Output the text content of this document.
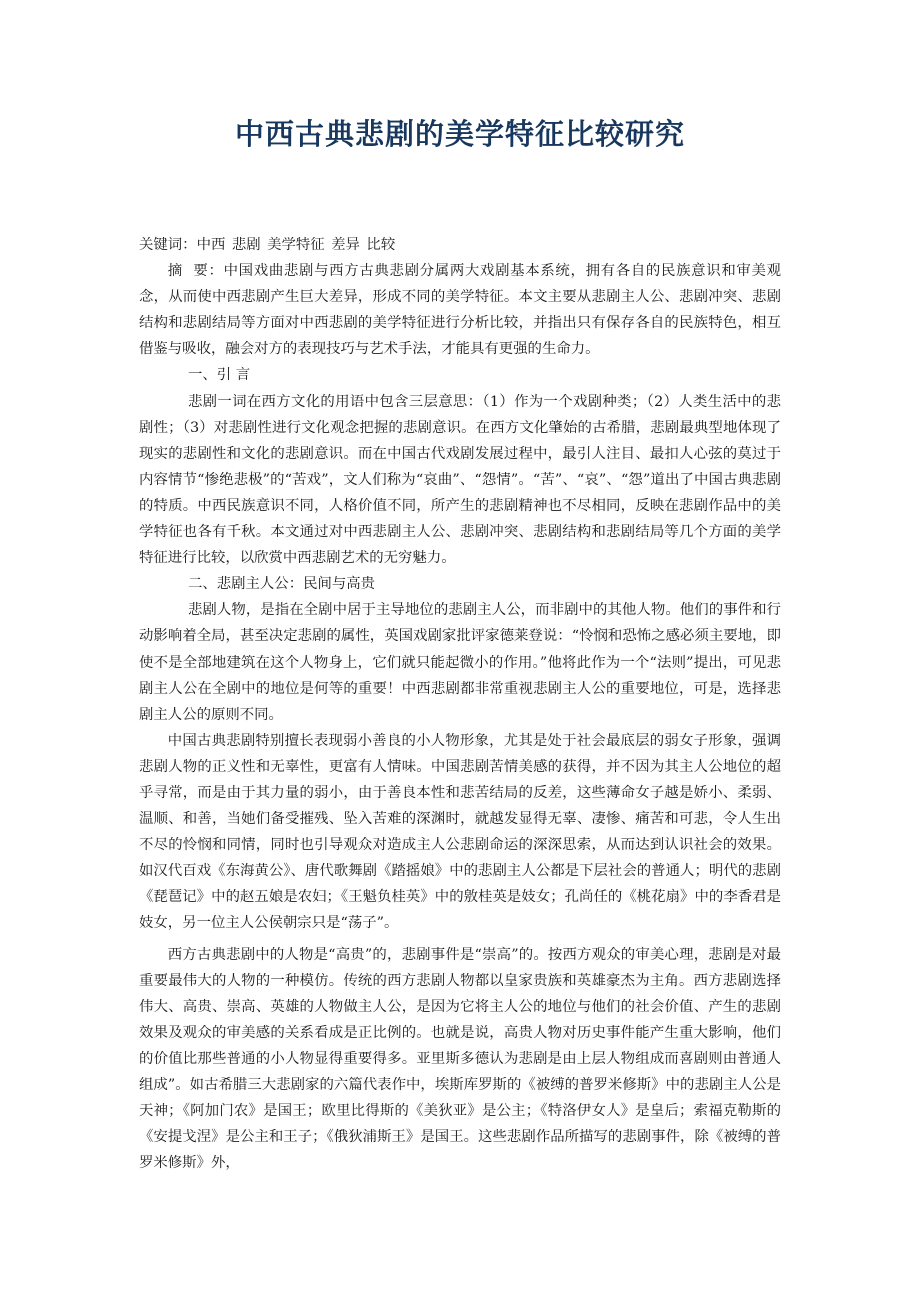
中西古典悲剧的美学特征比较研究

关键词：中西 悲剧 美学特征 差异 比较

摘  要：中国戏曲悲剧与西方古典悲剧分属两大戏剧基本系统，拥有各自的民族意识和审美观念，从而使中西悲剧产生巨大差异，形成不同的美学特征。本文主要从悲剧主人公、悲剧冲突、悲剧结构和悲剧结局等方面对中西悲剧的美学特征进行分析比较，并指出只有保存各自的民族特色，相互借鉴与吸收，融会对方的表现技巧与艺术手法，才能具有更强的生命力。

一、引 言

悲剧一词在西方文化的用语中包含三层意思：（1）作为一个戏剧种类；（2）人类生活中的悲剧性；（3）对悲剧性进行文化观念把握的悲剧意识。在西方文化肇始的古希腊，悲剧最典型地体现了现实的悲剧性和文化的悲剧意识。而在中国古代戏剧发展过程中，最引人注目、最扣人心弦的莫过于内容情节“惨绝悲极”的“苦戏”，文人们称为“哀曲”、“怨情”。“苦”、“哀”、“怨”道出了中国古典悲剧的特质。中西民族意识不同，人格价值不同，所产生的悲剧精神也不尽相同，反映在悲剧作品中的美学特征也各有千秋。本文通过对中西悲剧主人公、悲剧冲突、悲剧结构和悲剧结局等几个方面的美学特征进行比较，以欣赏中西悲剧艺术的无穷魅力。

二、悲剧主人公：民间与高贵

悲剧人物，是指在全剧中居于主导地位的悲剧主人公，而非剧中的其他人物。他们的事件和行动影响着全局，甚至决定悲剧的属性，英国戏剧家批评家德莱登说：“怜悯和恐怖之感必须主要地，即使不是全部地建筑在这个人物身上，它们就只能起微小的作用。”他将此作为一个“法则”提出，可见悲剧主人公在全剧中的地位是何等的重要！中西悲剧都非常重视悲剧主人公的重要地位，可是，选择悲剧主人公的原则不同。

中国古典悲剧特别擅长表现弱小善良的小人物形象，尤其是处于社会最底层的弱女子形象，强调悲剧人物的正义性和无辜性，更富有人情味。中国悲剧苦情美感的获得，并不因为其主人公地位的超乎寻常，而是由于其力量的弱小，由于善良本性和悲苦结局的反差，这些薄命女子越是娇小、柔弱、温顺、和善，当她们备受摧残、坠入苦难的深渊时，就越发显得无辜、凄惨、痛苦和可悲，令人生出不尽的怜悯和同情，同时也引导观众对造成主人公悲剧命运的深深思索，从而达到认识社会的效果。如汉代百戏《东海黄公》、唐代歌舞剧《踏摇娘》中的悲剧主人公都是下层社会的普通人；明代的悲剧《琵琶记》中的赵五娘是农妇；《王魁负桂英》中的敫桂英是妓女；孔尚任的《桃花扇》中的李香君是妓女，另一位主人公侯朝宗只是“荡子”。

西方古典悲剧中的人物是“高贵”的，悲剧事件是“崇高”的。按西方观众的审美心理，悲剧是对最重要最伟大的人物的一种模仿。传统的西方悲剧人物都以皇家贵族和英雄豪杰为主角。西方悲剧选择伟大、高贵、崇高、英雄的人物做主人公，是因为它将主人公的地位与他们的社会价值、产生的悲剧效果及观众的审美感的关系看成是正比例的。也就是说，高贵人物对历史事件能产生重大影响，他们的价值比那些普通的小人物显得重要得多。亚里斯多德认为悲剧是由上层人物组成而喜剧则由普通人组成”。如古希腊三大悲剧家的六篇代表作中，埃斯库罗斯的《被缚的普罗米修斯》中的悲剧主人公是天神；《阿加门农》是国王；欧里比得斯的《美狄亚》是公主；《特洛伊女人》是皇后；索福克勒斯的《安提戈涅》是公主和王子；《俄狄浦斯王》是国王。这些悲剧作品所描写的悲剧事件，除《被缚的普罗米修斯》外，
